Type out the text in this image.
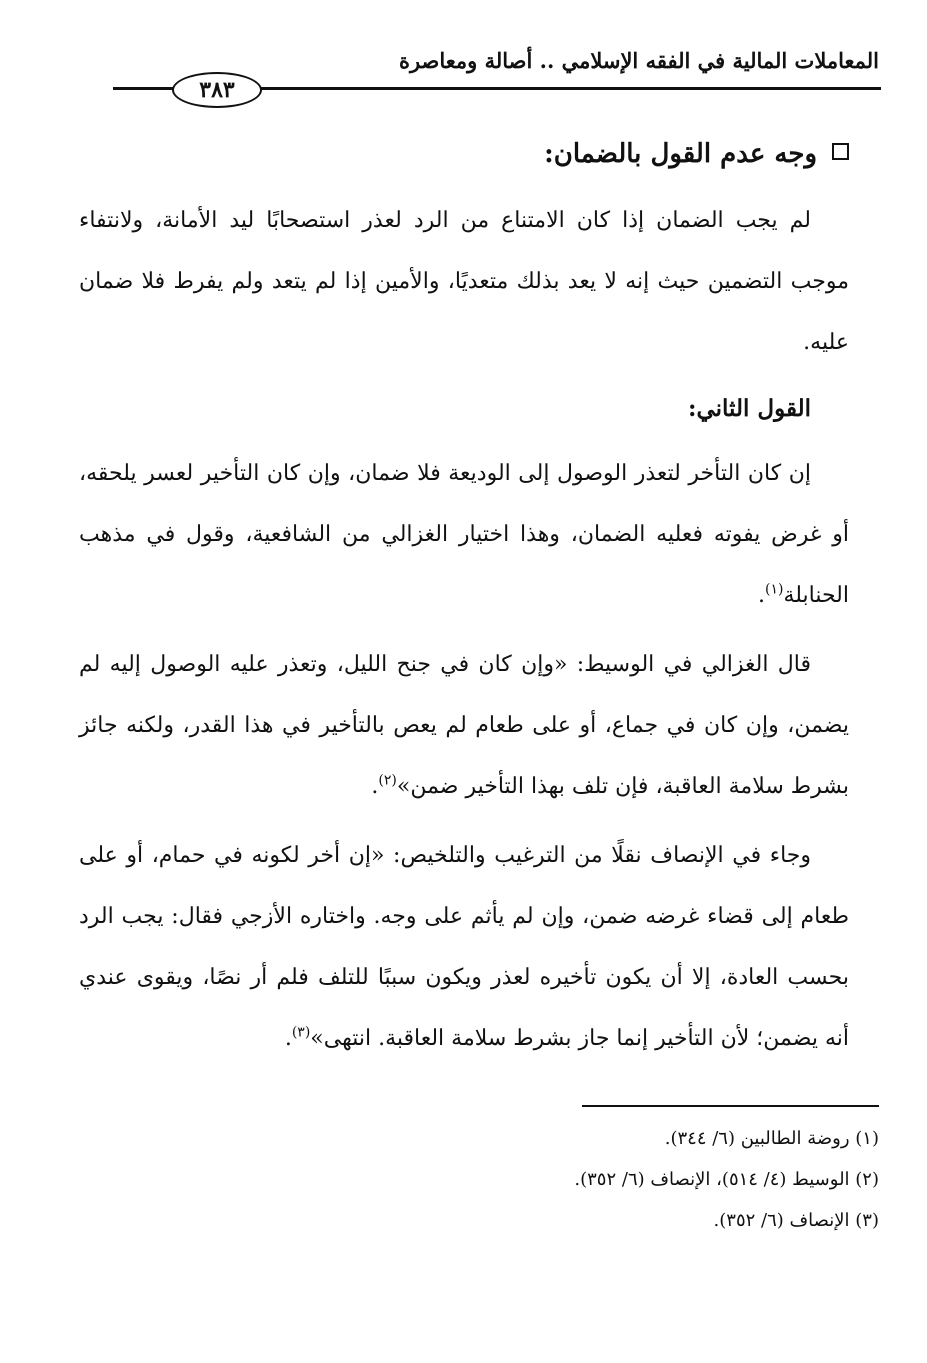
المعاملات المالية في الفقه الإسلامي .. أصالة ومعاصرة
٣٨٣
وجه عدم القول بالضمان:

لم يجب الضمان إذا كان الامتناع من الرد لعذر استصحابًا ليد الأمانة، ولانتفاء موجب التضمين حيث إنه لا يعد بذلك متعديًا، والأمين إذا لم يتعد ولم يفرط فلا ضمان عليه.

القول الثاني:

إن كان التأخر لتعذر الوصول إلى الوديعة فلا ضمان، وإن كان التأخير لعسر يلحقه، أو غرض يفوته فعليه الضمان، وهذا اختيار الغزالي من الشافعية، وقول في مذهب الحنابلة$^{(١)}$.

قال الغزالي في الوسيط: «وإن كان في جنح الليل، وتعذر عليه الوصول إليه لم يضمن، وإن كان في جماع، أو على طعام لم يعص بالتأخير في هذا القدر، ولكنه جائز بشرط سلامة العاقبة، فإن تلف بهذا التأخير ضمن»$^{(٢)}$.

وجاء في الإنصاف نقلًا من الترغيب والتلخيص: «إن أخر لكونه في حمام، أو على طعام إلى قضاء غرضه ضمن، وإن لم يأثم على وجه. واختاره الأزجي فقال: يجب الرد بحسب العادة، إلا أن يكون تأخيره لعذر ويكون سببًا للتلف فلم أر نصًا، ويقوى عندي أنه يضمن؛ لأن التأخير إنما جاز بشرط سلامة العاقبة. انتهى»$^{(٣)}$.

(١) روضة الطالبين (٦/ ٣٤٤).
(٢) الوسيط (٤/ ٥١٤)، الإنصاف (٦/ ٣٥٢).
(٣) الإنصاف (٦/ ٣٥٢).
